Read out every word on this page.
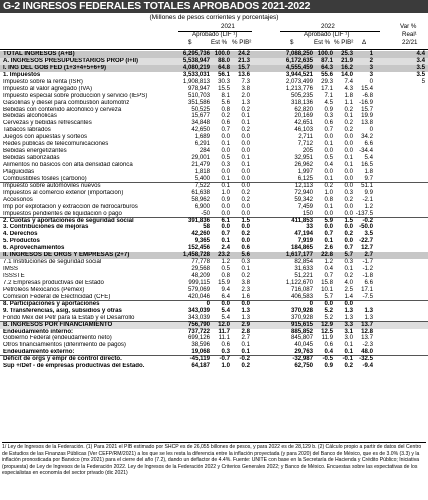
G-2 INGRESOS FEDERALES TOTALES APROBADOS 2021-2022
(Millones de pesos corrientes y porcentajes)
2021	2022	Var %
Aprobado (LIF ¹)	Aprobado (LIF ¹)	Real¹
$	Est % % PIB²	$	Est % % PIB² Δ	22/21
TOTAL INGRESOS (A+B)	6,295,736 100.0	24.2	7,088,250 100.0	25.3	1	4.4
A. INGRESOS PRESUPUESTARIOS PROP (I+II)	5,538,947	88.0	21.3	6,172,635	87.1	21.9	2	3.4
I. ING DEL GOB FED (1+3+4+5+6+9)	4,080,219	64.8	15.7	4,555,459	64.3	16.2	3	3.5
1. Impuestos	3,533,031	56.1	13.6	3,944,521	55.6	14.0	3	3.5
Impuesto sobre la renta (ISR)	1,908,813	30.3	7.3	2,073,499	29.3	7.4	0	5
Impuesto al valor agregado (IVA)	978,947	15.5	3.8	1,213,776	17.1	4.3	15.4
Impuesto especial sobre producción y servicio (IEPS)	510,703	8.1	2.0	505,235	7.1	1.8	-6.8
Gasolinas y diésel para combustión automotriz	351,586	5.6	1.3	318,136	4.5	1.1	-16.9
Bebidas con contenido alcohólico y cerveza	50,525	0.8	0.2	62,820	0.9	0.2	15.7
Bebidas alcohólicas	15,677	0.2	0.1	20,169	0.3	0.1	19.9
Cervezas y bebidas refrescantes	34,848	0.6	0.1	42,651	0.6	0.2	13.8
Tabacos labrados	42,650	0.7	0.2	46,103	0.7	0.2	0
Juegos con apuestas y sorteos	1,689	0.0	0.0	2,711	0.0	0.0	34.2
Redes públicas de telecomunicaciones	6,291	0.1	0.0	7,712	0.1	0.0	6.6
Bebidas energetizantes	284	0.0	0.0	205	0.0	0.0	-34.4
Bebidas saborizadas	29,001	0.5	0.1	32,951	0.5	0.1	5.4
Alimentos no básicos con alta densidad calórica	21,479	0.3	0.1	26,962	0.4	0.1	16.5
Plaguicidas	1,818	0.0	0.0	1,997	0.0	0.0	1.8
Combustibles fósiles (carbono)	5,400	0.1	0.0	6,125	0.1	0.0	9.7
Impuesto sobre automóviles nuevos	7,522	0.1	0.0	12,113	0.2	0.0	51.1
Impuestos al comercio exterior (importación)	61,638	1.0	0.2	72,940	1.0	0.3	9.9
Accesorios	58,962	0.9	0.2	59,342	0.8	0.2	-2.1
Imp por explotación y extracción de hidrocarburos	6,900	0.0	0.0	7,459	0.1	0.0	1.2
Impuestos pendientes de liquidación o pago	-50	0.0	0.0	150	0.0	0.0 -137.5
2. Cuotas y aportaciones de seguridad social	391,836	6.1	1.5	411,853	5.9	1.5	-0.2
3. Contribuciones de mejoras	58	0.0	0.0	33	0.0	0.0	-50.0
4. Derechos	42,260	0.7	0.2	47,194	0.7	0.2	3.5
5. Productos	9,365	0.1	0.0	7,919	0.1	0.0	-22.7
6. Aprovechamientos	152,456	2.4	0.6	184,865	2.6	0.7	12.7
II. INGRESOS DE ORGS Y EMPRESAS (2+7)	1,458,728	23.2	5.6	1,617,177	22.8	5.7	2.7
7.1 Instituciones de seguridad social	77,778	1.2	0.3	82,854	1.2	0.3	-1.7
IMSS	29,568	0.5	0.1	31,633	0.4	0.1	-1.2
ISSSTE	48,209	0.8	0.2	51,221	0.7	0.2	-1.8
7.2 Empresas productivas del Estado	999,115	15.9	3.8	1,122,670	15.8	4.0	6.6
Petróleos Mexicanos (Pemex)	579,069	9.4	2.3	716,087	10.1	2.5	17.1
Comisión Federal de Electricidad (CFE)	420,046	6.4	1.6	406,583	5.7	1.4	-7.5
8. Participaciones y aportaciones	0	0.0	0.0	0	0.0	0.0
9. Transferencias, asig, subsidios y otras	343,039	5.4	1.3	370,928	5.2	1.3	1.3
Fondo Mex del Petr para la Estab y el Desarrollo	343,039	5.4	1.3	370,928	5.2	1.3	1.3
B. INGRESOS POR FINANCIAMIENTO	756,790	12.0	2.9	915,615	12.9	3.3	13.7
Endeudamiento interno:	737,722	11.7	2.8	885,852	12.5	3.1	12.8
Gobierno Federal (endeudamiento neto)	699,126	11.1	2.7	845,807	11.9	3.0	13.7
Otros financiamientos (diferimiento de pagos)	38,596	0.6	0.1	40,045	0.6	0.1	-2.3
Endeudamiento externo:	19,068	0.3	0.1	29,763	0.4	0.1	48.0
Déficit de orgs y empr de control directo.	-45,119	-0.7	-0.2	-32,987	-0.5	-0.1	-32.5
Sup +/Def - de empresas productivas del Estado.	64,187	1.0	0.2	62,750	0.9	0.2	-9.4
1/ Ley de Ingresos de la Federación. (1) Para 2021 el PIB estimado por SHCP es de 26,055 billones de pesos, y para 2022 es de 28,129 b. (2) Cálculo propio a partir de datos del Centro de Estudios de las Finanzas Públicas (Ver CEFP/RM/2021) a los que se les resta la diferencia entre la inflación proyectada (y para 2020) del Banco de México, que es de 3.0% (3.3) y la inflación pronosticada por Banxico (mx 2021) para el cierre del año (7.2), dando un deflactor de 4.4%. Fuente: UNITE con base en la Secretaría de Hacienda y Crédito Público; Iniciativa (propuesta) de Ley de Ingresos de la Federación 2022. Ley de Ingresos de la Federación 2022 y Criterios Generales 2022; y Banco de México. Encuestas sobre las expectativas de los especialistas en economía del sector privado (dic 2021)
